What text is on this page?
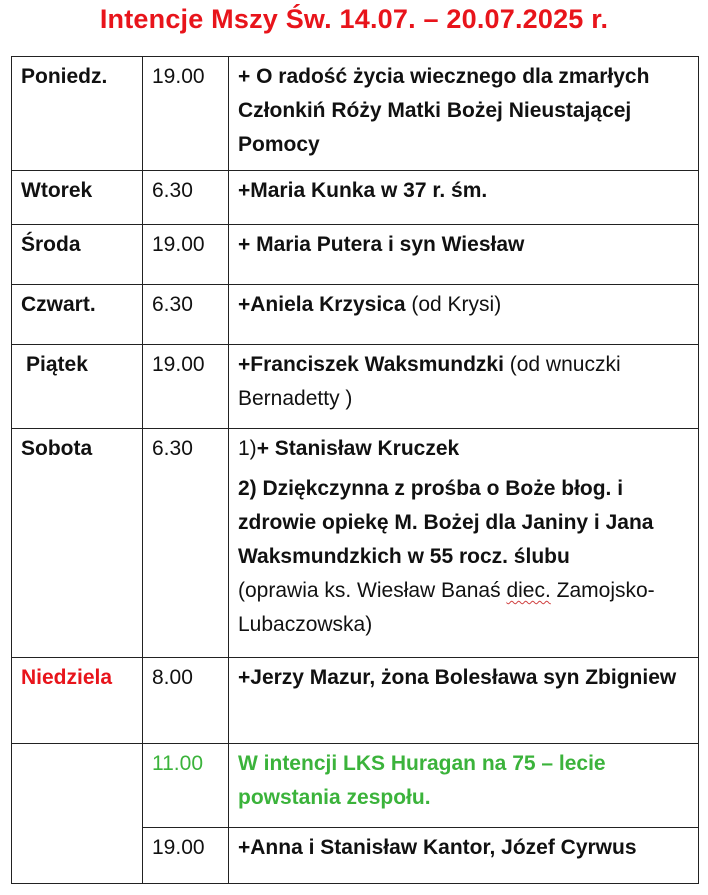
Intencje Mszy Św. 14.07. – 20.07.2025 r.
Poniedz.	19.00	+ O radość życia wiecznego dla zmarłych Członkiń Róży Matki Bożej Nieustającej Pomocy
Wtorek	6.30	+Maria Kunka w 37 r. śm.
Środa	19.00	+ Maria Putera i syn Wiesław
Czwart.	6.30	+Aniela Krzysica (od Krysi)
Piątek	19.00	+Franciszek Waksmundzki (od wnuczki Bernadetty )
Sobota	6.30	1)+ Stanisław Kruczek
2) Dziękczynna z prośba o Boże błog. i zdrowie opiekę M. Bożej dla Janiny i Jana Waksmundzkich w 55 rocz. ślubu
(oprawia ks. Wiesław Banaś diec. Zamojsko-Lubaczowska)

Niedziela	8.00	+Jerzy Mazur, żona Bolesława syn Zbigniew
	11.00	W intencji LKS Huragan na 75 – lecie powstania zespołu.
	19.00	+Anna i Stanisław Kantor, Józef Cyrwus
